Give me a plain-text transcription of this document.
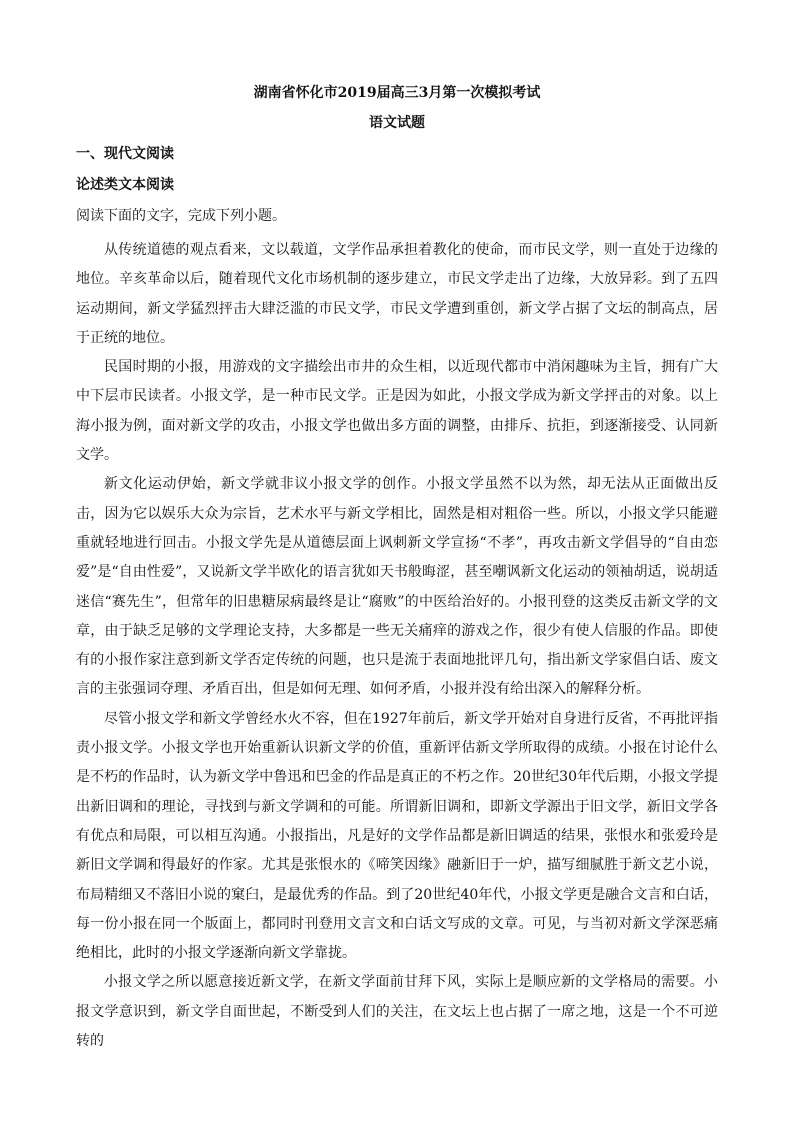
湖南省怀化市2019届高三3月第一次模拟考试
语文试题
一、现代文阅读
论述类文本阅读
阅读下面的文字，完成下列小题。

从传统道德的观点看来，文以载道，文学作品承担着教化的使命，而市民文学，则一直处于边缘的地位。辛亥革命以后，随着现代文化市场机制的逐步建立，市民文学走出了边缘，大放异彩。到了五四运动期间，新文学猛烈抨击大肆泛滥的市民文学，市民文学遭到重创，新文学占据了文坛的制高点，居于正统的地位。

民国时期的小报，用游戏的文字描绘出市井的众生相，以近现代都市中消闲趣味为主旨，拥有广大中下层市民读者。小报文学，是一种市民文学。正是因为如此，小报文学成为新文学抨击的对象。以上海小报为例，面对新文学的攻击，小报文学也做出多方面的调整，由排斥、抗拒，到逐渐接受、认同新文学。

新文化运动伊始，新文学就非议小报文学的创作。小报文学虽然不以为然，却无法从正面做出反击，因为它以娱乐大众为宗旨，艺术水平与新文学相比，固然是相对粗俗一些。所以，小报文学只能避重就轻地进行回击。小报文学先是从道德层面上讽刺新文学宣扬“不孝”，再攻击新文学倡导的“自由恋爱”是“自由性爱”，又说新文学半欧化的语言犹如天书般晦涩，甚至嘲讽新文化运动的领袖胡适，说胡适迷信“赛先生”，但常年的旧患糖尿病最终是让“腐败”的中医给治好的。小报刊登的这类反击新文学的文章，由于缺乏足够的文学理论支持，大多都是一些无关痛痒的游戏之作，很少有使人信服的作品。即使有的小报作家注意到新文学否定传统的问题，也只是流于表面地批评几句，指出新文学家倡白话、废文言的主张强词夺理、矛盾百出，但是如何无理、如何矛盾，小报并没有给出深入的解释分析。

尽管小报文学和新文学曾经水火不容，但在1927年前后，新文学开始对自身进行反省，不再批评指责小报文学。小报文学也开始重新认识新文学的价值，重新评估新文学所取得的成绩。小报在讨论什么是不朽的作品时，认为新文学中鲁迅和巴金的作品是真正的不朽之作。20世纪30年代后期，小报文学提出新旧调和的理论，寻找到与新文学调和的可能。所谓新旧调和，即新文学源出于旧文学，新旧文学各有优点和局限，可以相互沟通。小报指出，凡是好的文学作品都是新旧调适的结果，张恨水和张爱玲是新旧文学调和得最好的作家。尤其是张恨水的《啼笑因缘》融新旧于一炉，描写细腻胜于新文艺小说，布局精细又不落旧小说的窠臼，是最优秀的作品。到了20世纪40年代，小报文学更是融合文言和白话，每一份小报在同一个版面上，都同时刊登用文言文和白话文写成的文章。可见，与当初对新文学深恶痛绝相比，此时的小报文学逐渐向新文学靠拢。

小报文学之所以愿意接近新文学，在新文学面前甘拜下风，实际上是顺应新的文学格局的需要。小报文学意识到，新文学自面世起，不断受到人们的关注，在文坛上也占据了一席之地，这是一个不可逆转的
